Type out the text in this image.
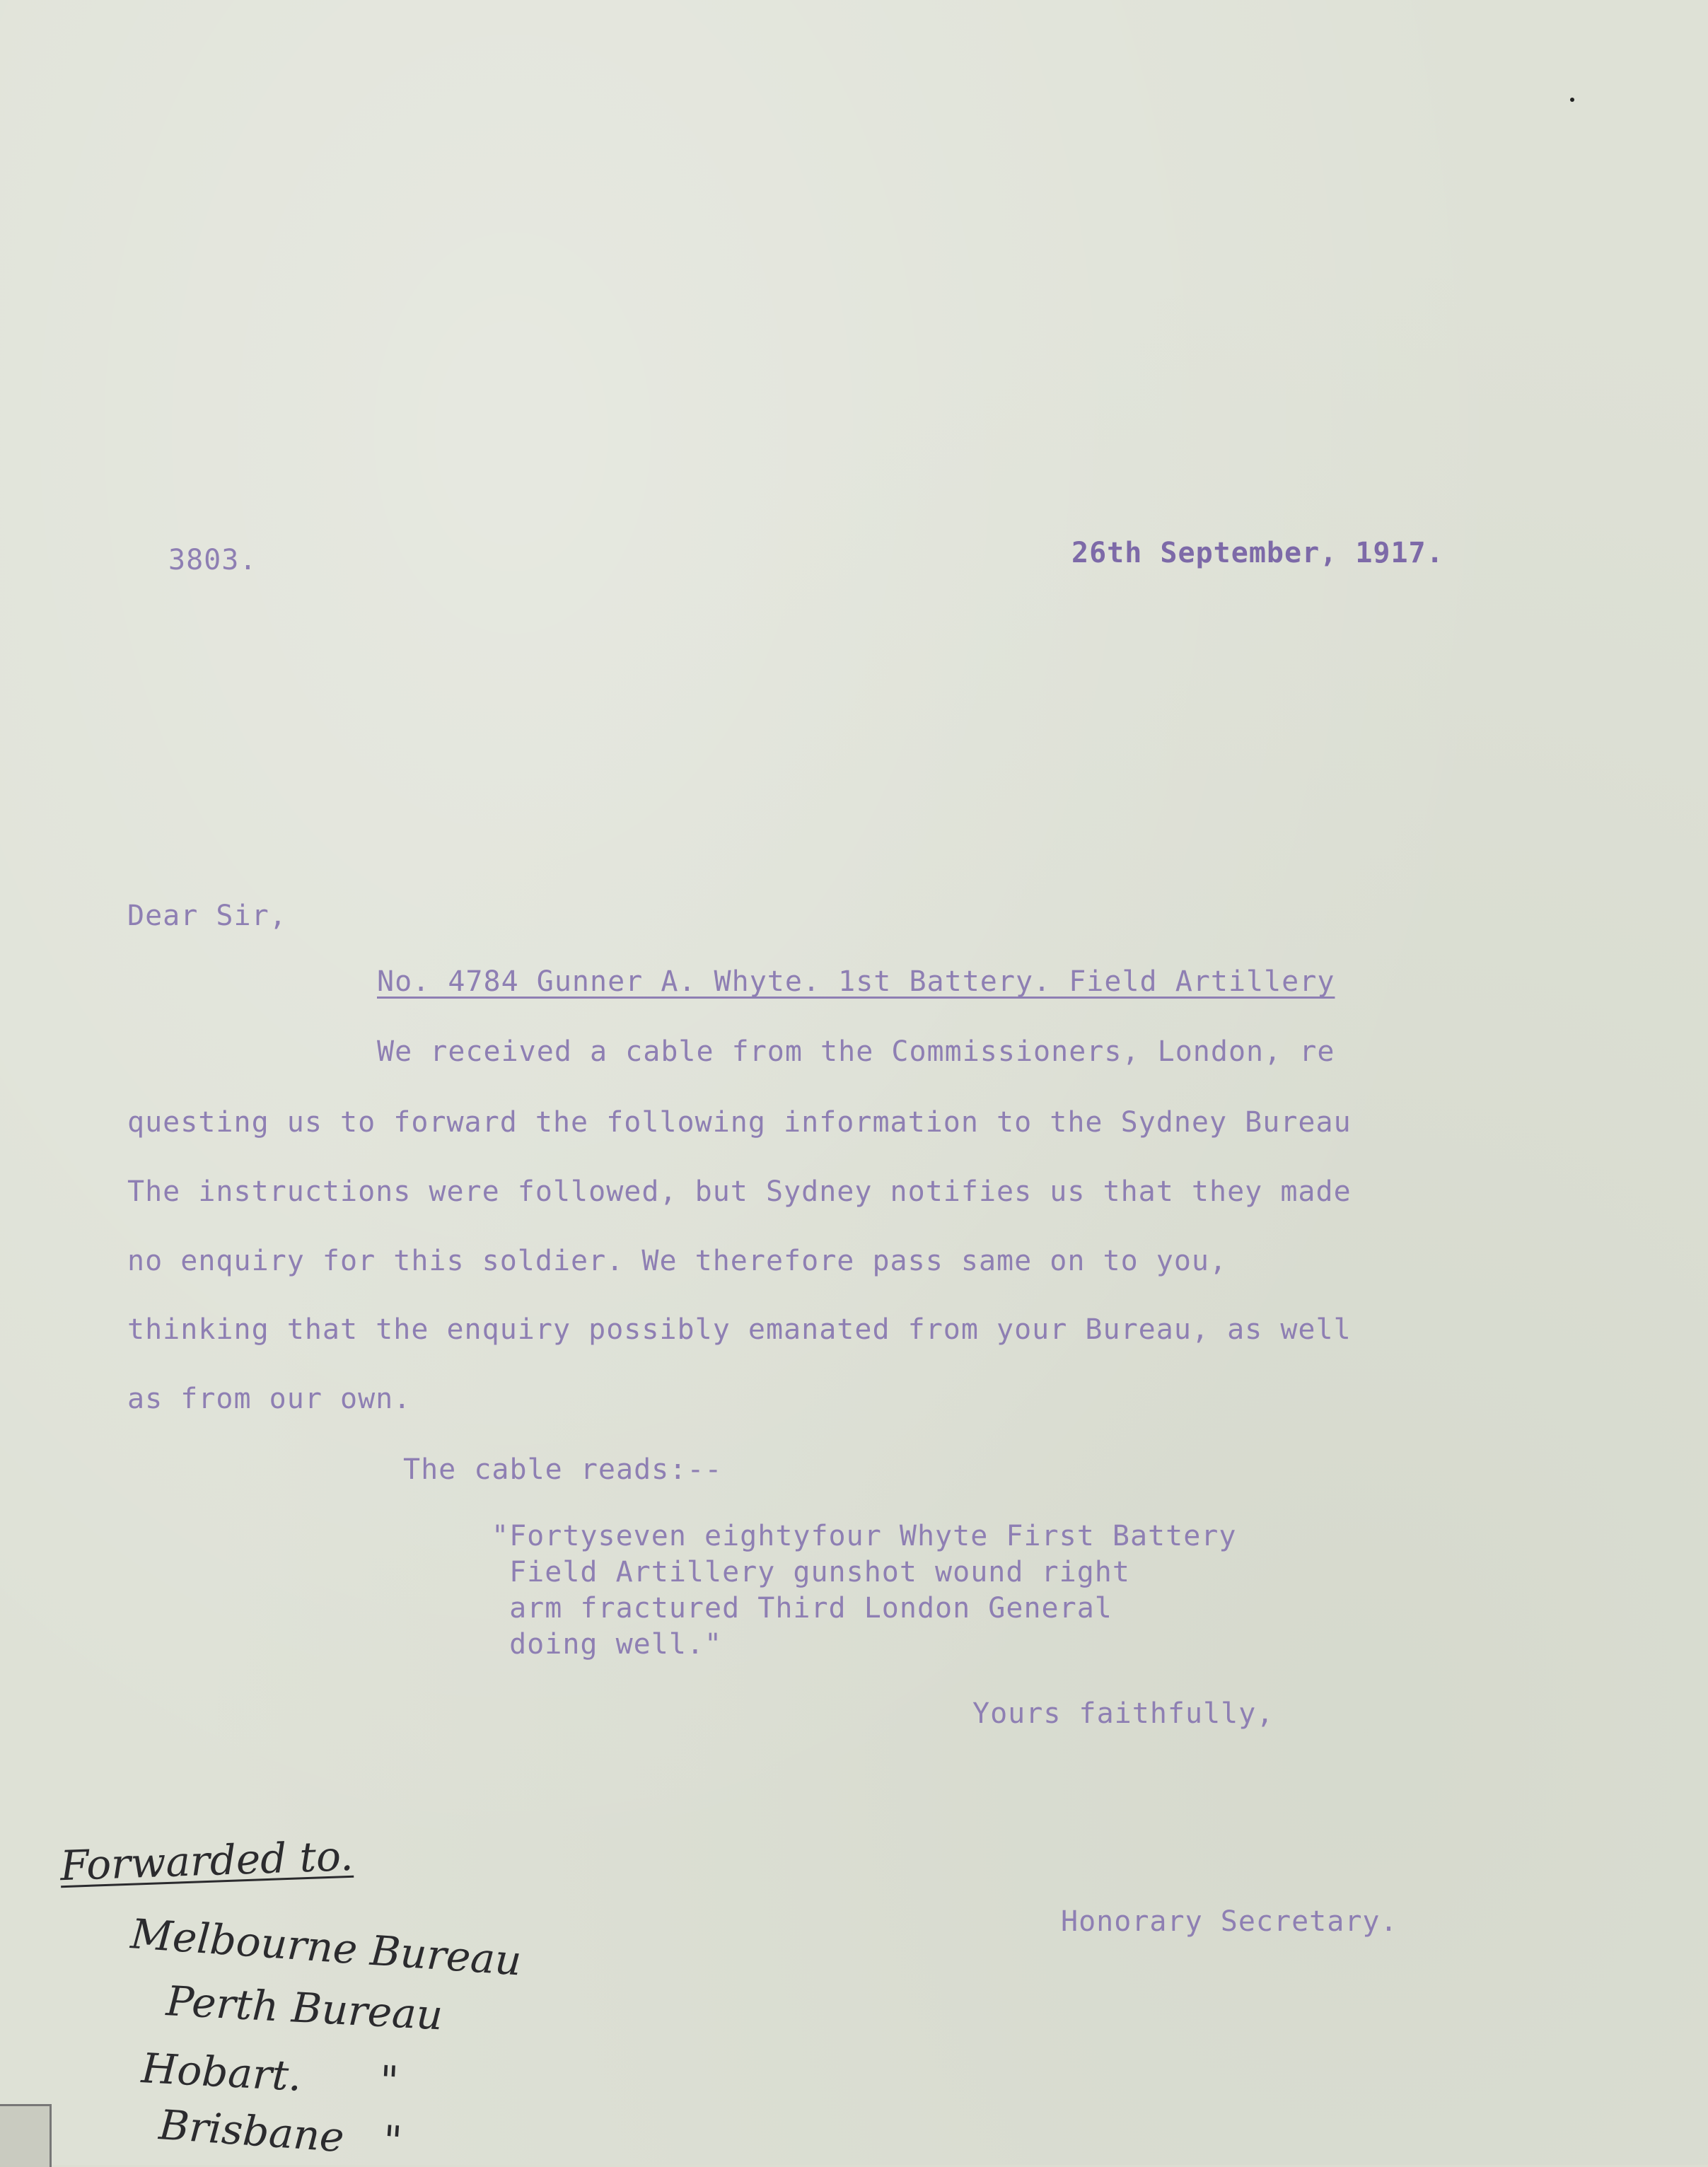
3803.	26th September, 1917.
Dear Sir,
No. 4784 Gunner A. Whyte. 1st Battery. Field Artillery
We received a cable from the Commissioners, London, re
questing us to forward the following information to the Sydney Bureau
The instructions were followed, but Sydney notifies us that they made
no enquiry for this soldier. We therefore pass same on to you,
thinking that the enquiry possibly emanated from your Bureau, as well
as from our own.
The cable reads:--
"Fortyseven eightyfour Whyte First Battery
Field Artillery gunshot wound right
arm fractured Third London General
doing well."
Yours faithfully,
Honorary Secretary.
Forwarded to.
Melbourne Bureau
Perth Bureau
Hobart.      "
Brisbane   "
